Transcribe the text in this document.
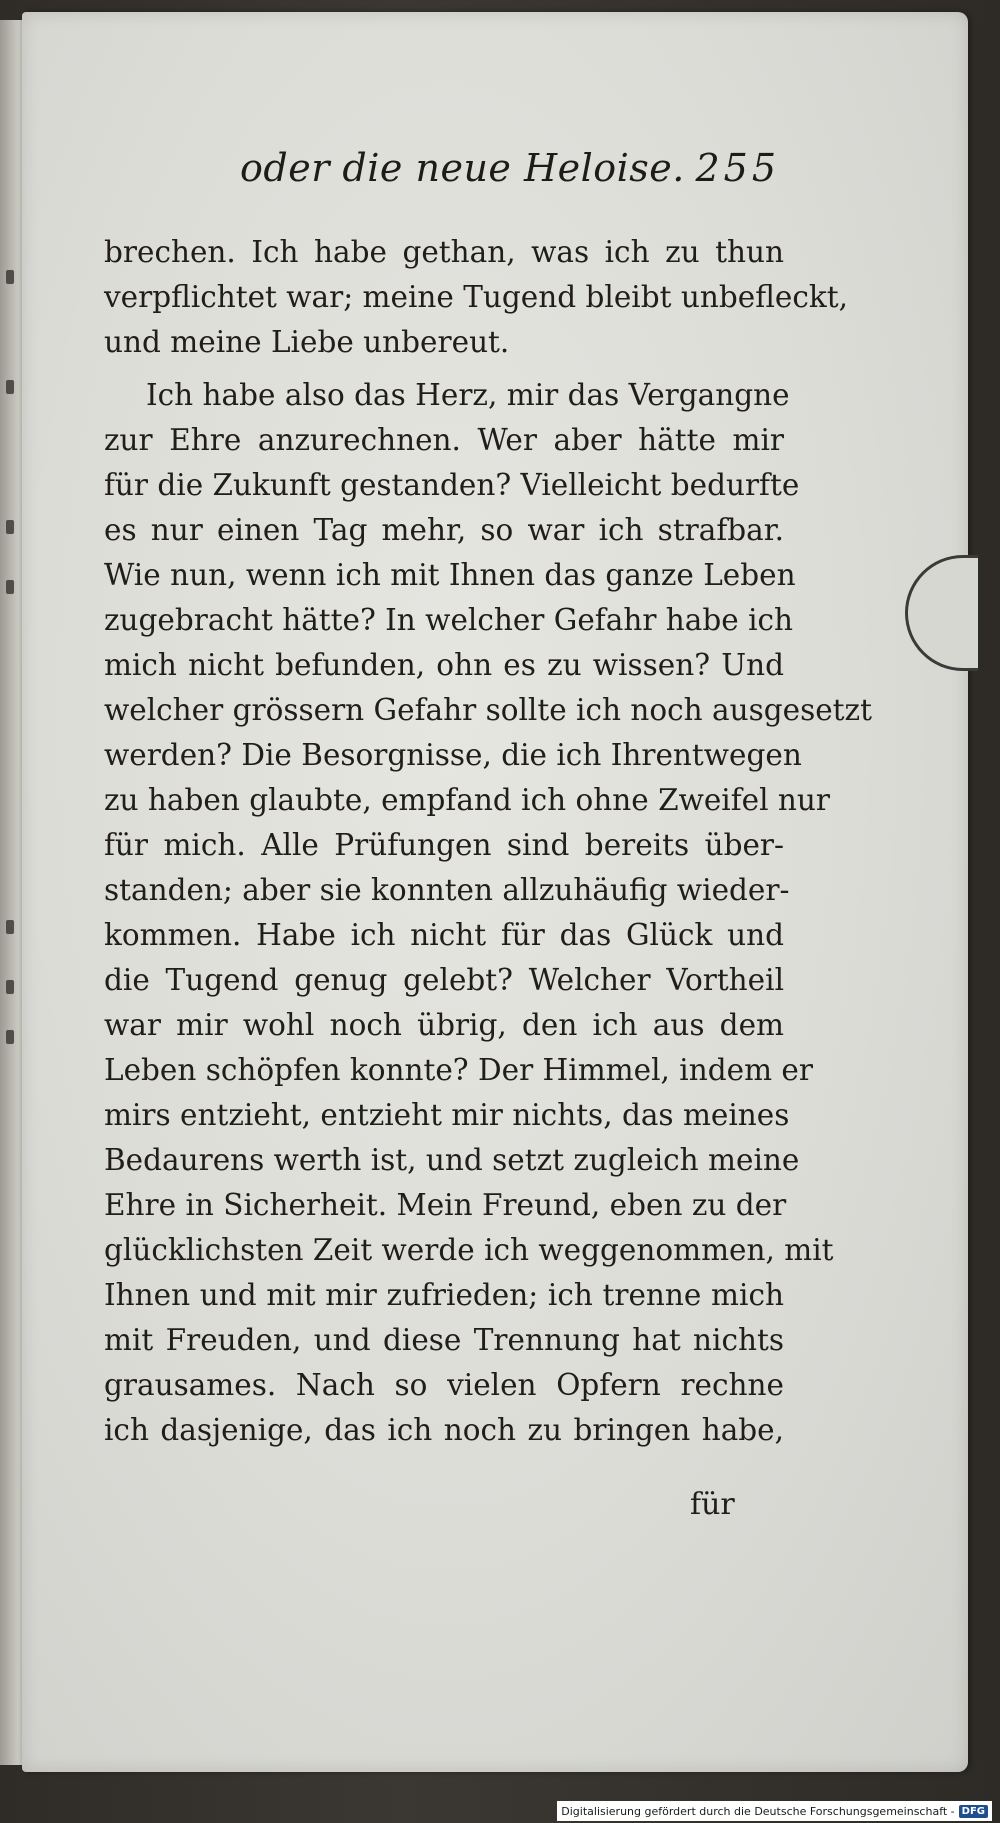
oder die neue Heloise. 255
brechen. Ich habe gethan, was ich zu thun
verpflichtet war; meine Tugend bleibt unbefleckt,
und meine Liebe unbereut.
Ich habe also das Herz, mir das Vergangne
zur Ehre anzurechnen. Wer aber hätte mir
für die Zukunft gestanden? Vielleicht bedurfte
es nur einen Tag mehr, so war ich strafbar.
Wie nun, wenn ich mit Ihnen das ganze Leben
zugebracht hätte? In welcher Gefahr habe ich
mich nicht befunden, ohn es zu wissen? Und
welcher grössern Gefahr sollte ich noch ausgesetzt
werden? Die Besorgnisse, die ich Ihrentwegen
zu haben glaubte, empfand ich ohne Zweifel nur
für mich. Alle Prüfungen sind bereits über-
standen; aber sie konnten allzuhäufig wieder-
kommen. Habe ich nicht für das Glück und
die Tugend genug gelebt? Welcher Vortheil
war mir wohl noch übrig, den ich aus dem
Leben schöpfen konnte? Der Himmel, indem er
mirs entzieht, entzieht mir nichts, das meines
Bedaurens werth ist, und setzt zugleich meine
Ehre in Sicherheit. Mein Freund, eben zu der
glücklichsten Zeit werde ich weggenommen, mit
Ihnen und mit mir zufrieden; ich trenne mich
mit Freuden, und diese Trennung hat nichts
grausames. Nach so vielen Opfern rechne
ich dasjenige, das ich noch zu bringen habe,
für
Digitalisierung gefördert durch die Deutsche Forschungsgemeinschaft - DFG
